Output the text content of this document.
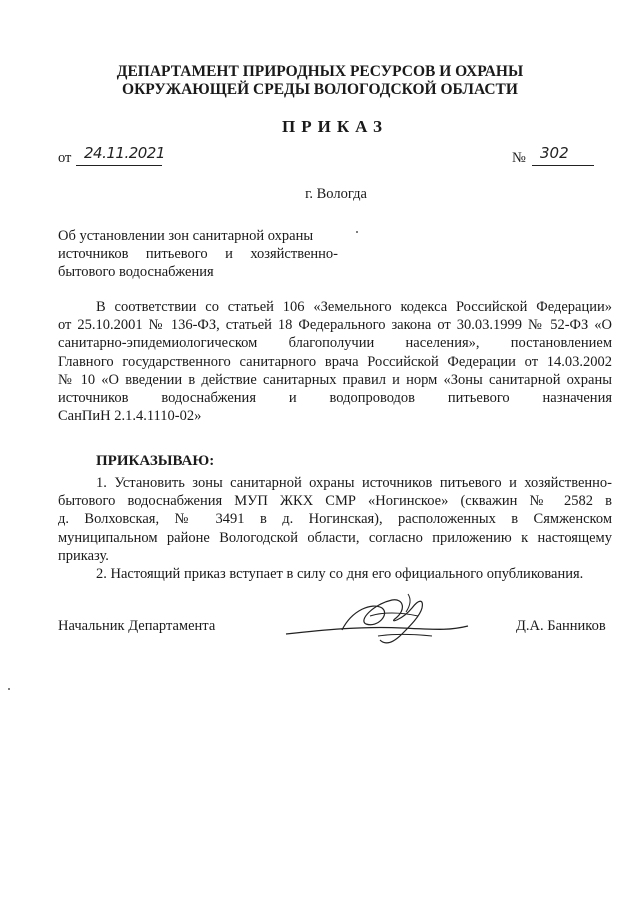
ДЕПАРТАМЕНТ ПРИРОДНЫХ РЕСУРСОВ И ОХРАНЫ
ОКРУЖАЮЩЕЙ СРЕДЫ ВОЛОГОДСКОЙ ОБЛАСТИ
ПРИКАЗ
от 24.11.2021	№ 302
г. Вологда
Об установлении зон санитарной охраны
источников питьевого и хозяйственно-
бытового водоснабжения
В соответствии со статьей 106 «Земельного кодекса Российской Федерации»
от 25.10.2001 № 136-ФЗ, статьей 18 Федерального закона от 30.03.1999 № 52-ФЗ «О
санитарно-эпидемиологическом благополучии населения», постановлением
Главного государственного санитарного врача Российской Федерации от 14.03.2002
№ 10 «О введении в действие санитарных правил и норм «Зоны санитарной охраны
источников водоснабжения и водопроводов питьевого назначения
СанПиН 2.1.4.1110-02»
ПРИКАЗЫВАЮ:
1. Установить зоны санитарной охраны источников питьевого и хозяйственно-
бытового водоснабжения МУП ЖКХ СМР «Ногинское» (скважин № 2582 в
д. Волховская, № 3491 в д. Ногинская), расположенных в Сямженском
муниципальном районе Вологодской области, согласно приложению к настоящему
приказу.
2. Настоящий приказ вступает в силу со дня его официального опубликования.
Начальник Департамента	Д.А. Банников
